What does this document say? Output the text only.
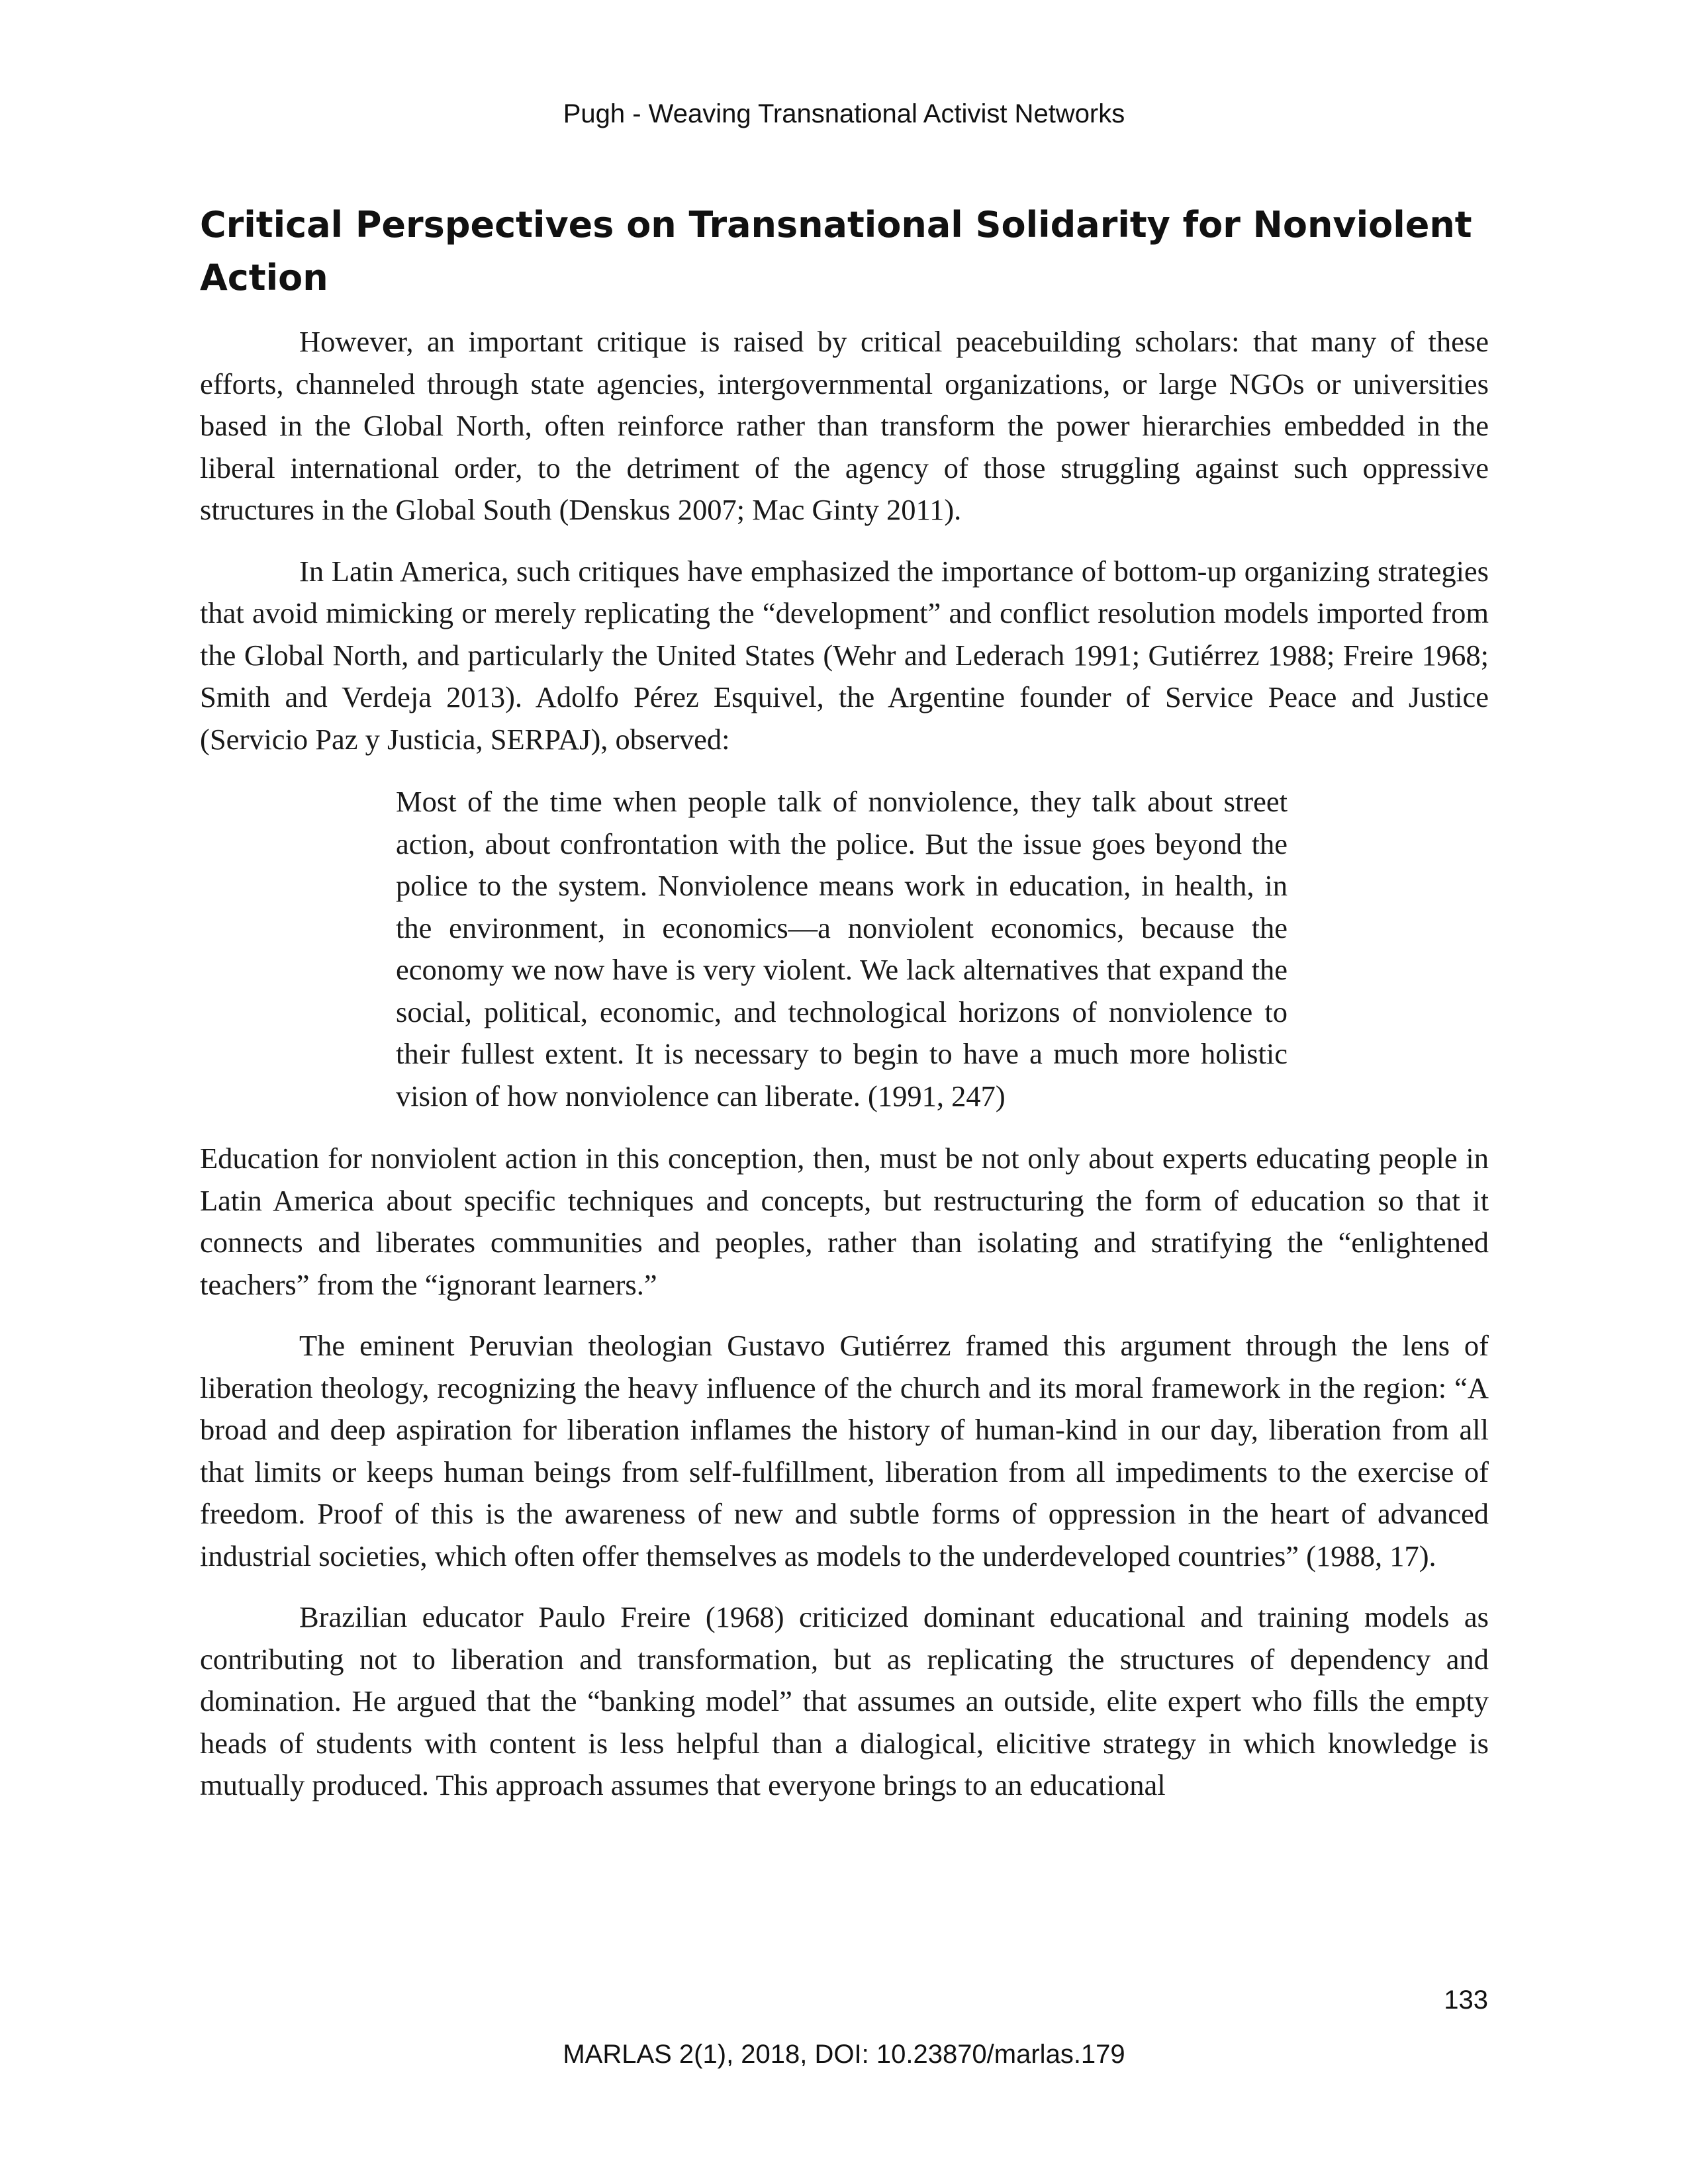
Pugh - Weaving Transnational Activist Networks
Critical Perspectives on Transnational Solidarity for Nonviolent Action

However, an important critique is raised by critical peacebuilding scholars: that many of these efforts, channeled through state agencies, intergovernmental organizations, or large NGOs or universities based in the Global North, often reinforce rather than transform the power hierarchies embedded in the liberal international order, to the detriment of the agency of those struggling against such oppressive structures in the Global South (Denskus 2007; Mac Ginty 2011).

In Latin America, such critiques have emphasized the importance of bottom-up organizing strategies that avoid mimicking or merely replicating the “development” and conflict resolution models imported from the Global North, and particularly the United States (Wehr and Lederach 1991; Gutiérrez 1988; Freire 1968; Smith and Verdeja 2013). Adolfo Pérez Esquivel, the Argentine founder of Service Peace and Justice (Servicio Paz y Justicia, SERPAJ), observed:

Most of the time when people talk of nonviolence, they talk about street action, about confrontation with the police. But the issue goes beyond the police to the system. Nonviolence means work in education, in health, in the environment, in economics—a nonviolent economics, because the economy we now have is very violent. We lack alternatives that expand the social, political, economic, and technological horizons of nonviolence to their fullest extent. It is necessary to begin to have a much more holistic vision of how nonviolence can liberate. (1991, 247)

Education for nonviolent action in this conception, then, must be not only about experts educating people in Latin America about specific techniques and concepts, but restructuring the form of education so that it connects and liberates communities and peoples, rather than isolating and stratifying the “enlightened teachers” from the “ignorant learners.”

The eminent Peruvian theologian Gustavo Gutiérrez framed this argument through the lens of liberation theology, recognizing the heavy influence of the church and its moral framework in the region: “A broad and deep aspiration for liberation inflames the history of human-kind in our day, liberation from all that limits or keeps human beings from self-fulfillment, liberation from all impediments to the exercise of freedom. Proof of this is the awareness of new and subtle forms of oppression in the heart of advanced industrial societies, which often offer themselves as models to the underdeveloped countries” (1988, 17).

Brazilian educator Paulo Freire (1968) criticized dominant educational and training models as contributing not to liberation and transformation, but as replicating the structures of dependency and domination. He argued that the “banking model” that assumes an outside, elite expert who fills the empty heads of students with content is less helpful than a dialogical, elicitive strategy in which knowledge is mutually produced. This approach assumes that everyone brings to an educational

133
MARLAS 2(1), 2018, DOI: 10.23870/marlas.179
